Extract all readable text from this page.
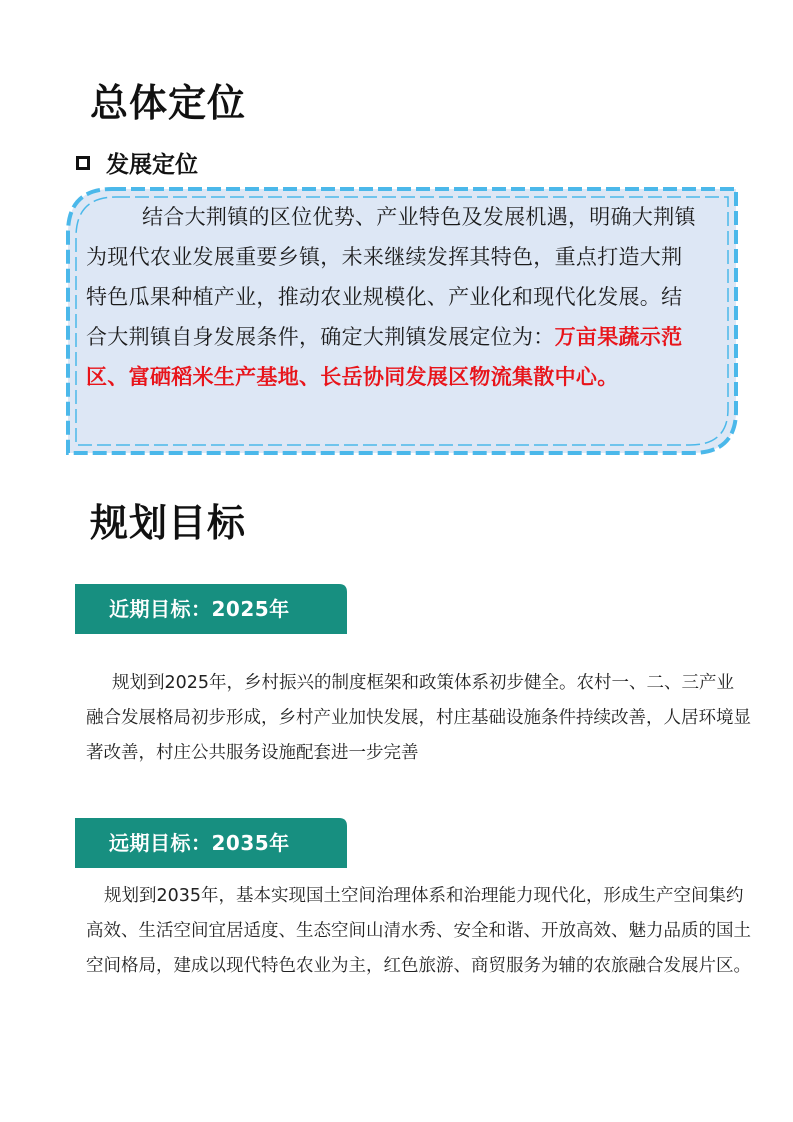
总体定位
发展定位
结合大荆镇的区位优势、产业特色及发展机遇，明确大荆镇为现代农业发展重要乡镇，未来继续发挥其特色，重点打造大荆特色瓜果种植产业，推动农业规模化、产业化和现代化发展。结合大荆镇自身发展条件，确定大荆镇发展定位为：万亩果蔬示范区、富硒稻米生产基地、长岳协同发展区物流集散中心。
规划目标
近期目标：2025年
规划到2025年，乡村振兴的制度框架和政策体系初步健全。农村一、二、三产业融合发展格局初步形成，乡村产业加快发展，村庄基础设施条件持续改善，人居环境显著改善，村庄公共服务设施配套进一步完善
远期目标：2035年
规划到2035年，基本实现国土空间治理体系和治理能力现代化，形成生产空间集约高效、生活空间宜居适度、生态空间山清水秀、安全和谐、开放高效、魅力品质的国土空间格局，建成以现代特色农业为主，红色旅游、商贸服务为辅的农旅融合发展片区。
